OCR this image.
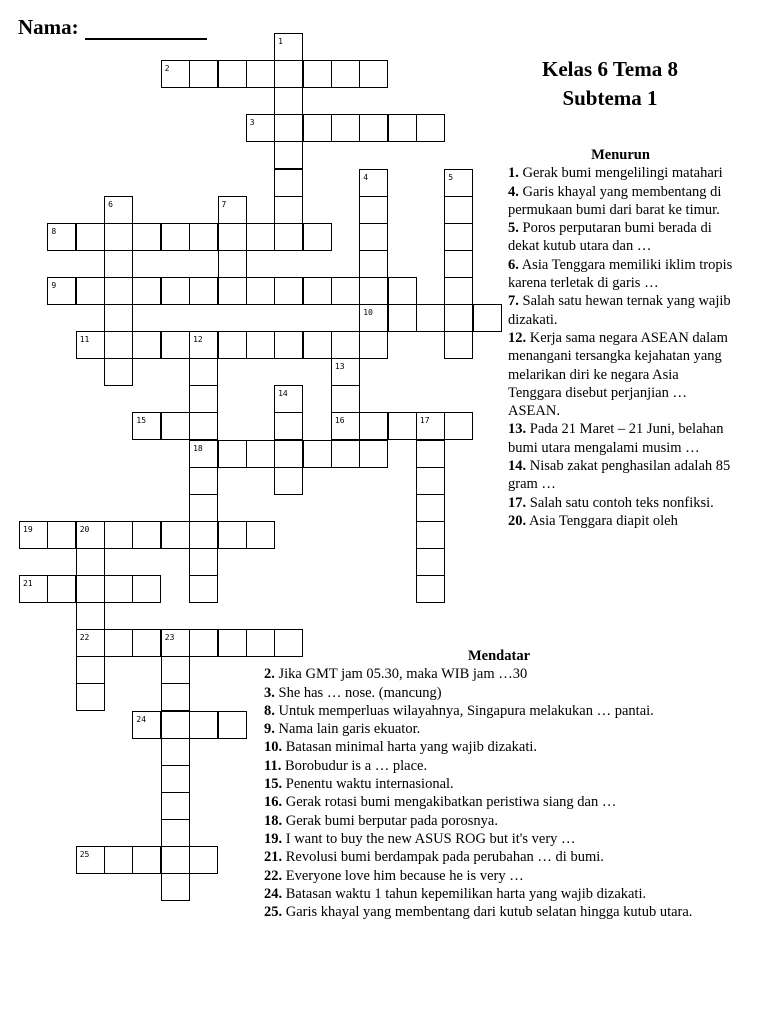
Nama:
Kelas 6 Tema 8
Subtema 1
2
3
8
9
10
11	12
15	16	17
18
19	20
21
22	23
24
25
1
4	5
6	7
13
14
Menurun
1. Gerak bumi mengelilingi matahari
4. Garis khayal yang membentang di permukaan bumi dari barat ke timur.
5. Poros perputaran bumi berada di dekat kutub utara dan …
6. Asia Tenggara memiliki iklim tropis karena terletak di garis …
7. Salah satu hewan ternak yang wajib dizakati.
12. Kerja sama negara ASEAN dalam menangani tersangka kejahatan yang melarikan diri ke negara Asia Tenggara disebut perjanjian … ASEAN.
13. Pada 21 Maret – 21 Juni, belahan bumi utara mengalami musim …
14. Nisab zakat penghasilan adalah 85 gram …
17. Salah satu contoh teks nonfiksi.
20. Asia Tenggara diapit oleh
Mendatar
2. Jika GMT jam 05.30, maka WIB jam …30
3. She has … nose. (mancung)
8. Untuk memperluas wilayahnya, Singapura melakukan … pantai.
9. Nama lain garis ekuator.
10. Batasan minimal harta yang wajib dizakati.
11. Borobudur is a … place.
15. Penentu waktu internasional.
16. Gerak rotasi bumi mengakibatkan peristiwa siang dan …
18. Gerak bumi berputar pada porosnya.
19. I want to buy the new ASUS ROG but it's very …
21. Revolusi bumi berdampak pada perubahan … di bumi.
22. Everyone love him because he is very …
24. Batasan waktu 1 tahun kepemilikan harta yang wajib dizakati.
25. Garis khayal yang membentang dari kutub selatan hingga kutub utara.
